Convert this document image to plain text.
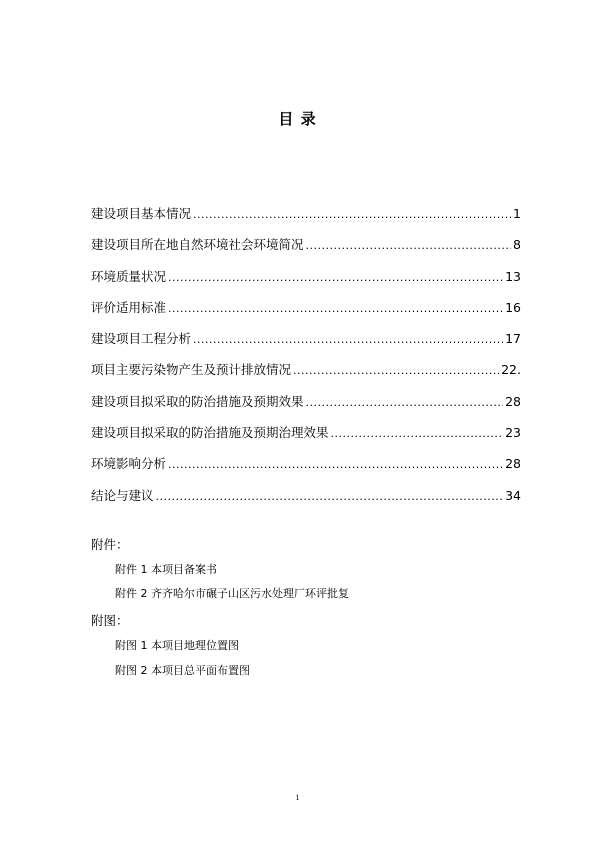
目 录
建设项目基本情况 .....	1
建设项目所在地自然环境社会环境简况 .....	8
环境质量状况 .....	13
评价适用标准 .....	16
建设项目工程分析 .....	17
项目主要污染物产生及预计排放情况 .....	22.
建设项目拟采取的防治措施及预期效果 .....	28
建设项目拟采取的防治措施及预期治理效果 .....	23
环境影响分析 .....	28
结论与建议 .....	34
附件：
附件 1 本项目备案书
附件 2 齐齐哈尔市碾子山区污水处理厂环评批复
附图：
附图 1 本项目地理位置图
附图 2 本项目总平面布置图
1
